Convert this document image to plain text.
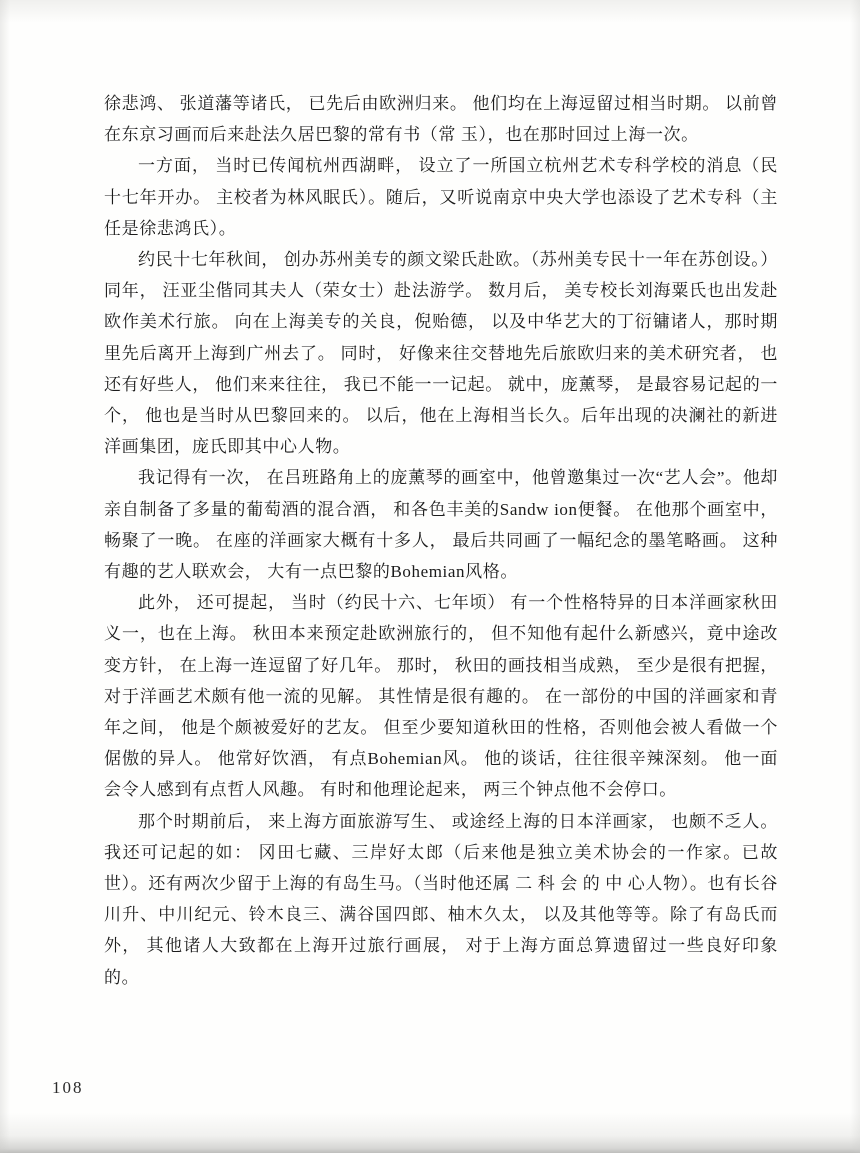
徐悲鸿、 张道藩等诸氏， 已先后由欧洲归来。 他们均在上海逗留过相当时期。 以前曾在东京习画而后来赴法久居巴黎的常有书（常 玉），也在那时回过上海一次。

一方面， 当时已传闻杭州西湖畔， 设立了一所国立杭州艺术专科学校的消息（民十七年开办。 主校者为林风眠氏）。随后，又听说南京中央大学也添设了艺术专科（主任是徐悲鸿氏）。

约民十七年秋间， 创办苏州美专的颜文梁氏赴欧。（苏州美专民十一年在苏创设。）同年， 汪亚尘偕同其夫人（荣女士）赴法游学。 数月后， 美专校长刘海粟氏也出发赴欧作美术行旅。 向在上海美专的关良，倪贻德， 以及中华艺大的丁衍镛诸人，那时期里先后离开上海到广州去了。 同时， 好像来往交替地先后旅欧归来的美术研究者， 也还有好些人， 他们来来往往， 我已不能一一记起。 就中，庞薰琴， 是最容易记起的一个， 他也是当时从巴黎回来的。 以后，他在上海相当长久。后年出现的决澜社的新进洋画集团，庞氏即其中心人物。

我记得有一次， 在吕班路角上的庞薰琴的画室中，他曾邀集过一次“艺人会”。他却亲自制备了多量的葡萄酒的混合酒， 和各色丰美的Sandw ion便餐。 在他那个画室中， 畅聚了一晚。 在座的洋画家大概有十多人， 最后共同画了一幅纪念的墨笔略画。 这种有趣的艺人联欢会， 大有一点巴黎的Bohemian风格。

此外， 还可提起， 当时（约民十六、七年顷） 有一个性格特异的日本洋画家秋田义一，也在上海。 秋田本来预定赴欧洲旅行的， 但不知他有起什么新感兴，竟中途改变方针， 在上海一连逗留了好几年。 那时， 秋田的画技相当成熟， 至少是很有把握， 对于洋画艺术颇有他一流的见解。 其性情是很有趣的。 在一部份的中国的洋画家和青年之间， 他是个颇被爱好的艺友。 但至少要知道秋田的性格，否则他会被人看做一个倨傲的异人。 他常好饮酒， 有点Bohemian风。 他的谈话，往往很辛辣深刻。 他一面会令人感到有点哲人风趣。 有时和他理论起来， 两三个钟点他不会停口。

那个时期前后， 来上海方面旅游写生、 或途经上海的日本洋画家， 也颇不乏人。 我还可记起的如： 冈田七藏、三岸好太郎（后来他是独立美术协会的一作家。已故世）。还有两次少留于上海的有岛生马。（当时他还属 二 科 会 的 中 心人物）。也有长谷川升、中川纪元、铃木良三、满谷国四郎、柚木久太， 以及其他等等。除了有岛氏而外， 其他诸人大致都在上海开过旅行画展， 对于上海方面总算遗留过一些良好印象的。

108
